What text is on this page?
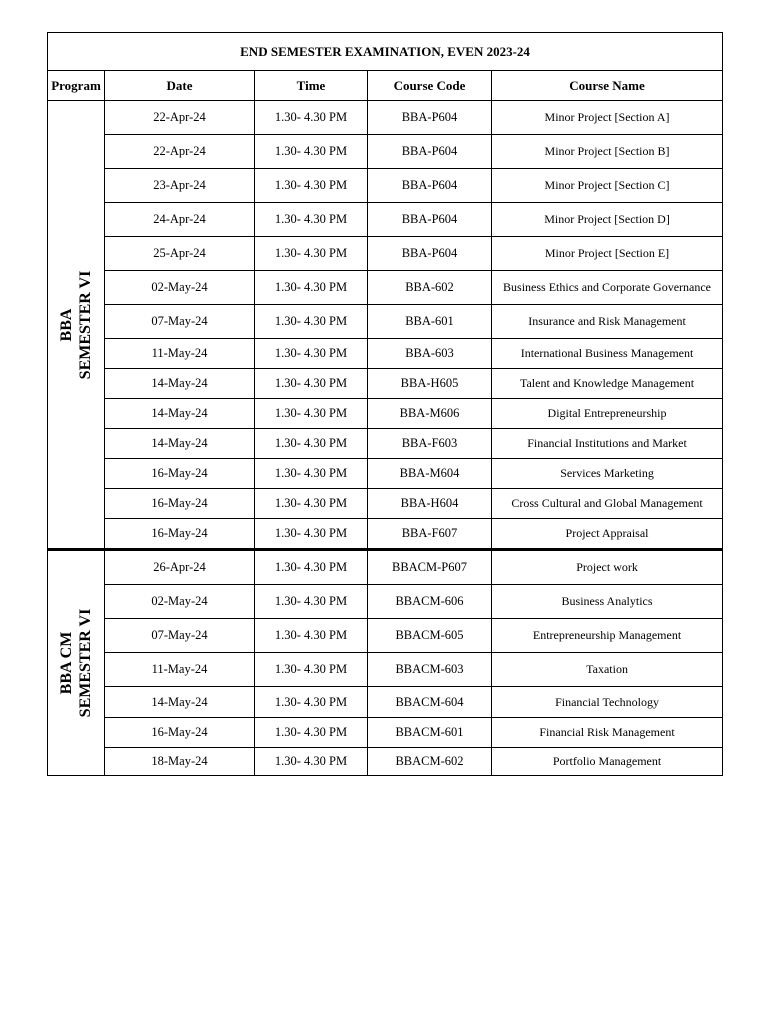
END SEMESTER EXAMINATION, EVEN 2023-24				
Program	Date	Time	Course Code	Course Name

BBA SEMESTER VI	22-Apr-24	1.30- 4.30 PM	BBA-P604	Minor Project [Section A]
	22-Apr-24	1.30- 4.30 PM	BBA-P604	Minor Project [Section B]
	23-Apr-24	1.30- 4.30 PM	BBA-P604	Minor Project [Section C]
	24-Apr-24	1.30- 4.30 PM	BBA-P604	Minor Project [Section D]
	25-Apr-24	1.30- 4.30 PM	BBA-P604	Minor Project [Section E]
	02-May-24	1.30- 4.30 PM	BBA-602	Business Ethics and Corporate Governance
	07-May-24	1.30- 4.30 PM	BBA-601	Insurance and Risk Management
	11-May-24	1.30- 4.30 PM	BBA-603	International Business Management
	14-May-24	1.30- 4.30 PM	BBA-H605	Talent and Knowledge Management
	14-May-24	1.30- 4.30 PM	BBA-M606	Digital Entrepreneurship
	14-May-24	1.30- 4.30 PM	BBA-F603	Financial Institutions and Market
	16-May-24	1.30- 4.30 PM	BBA-M604	Services Marketing
	16-May-24	1.30- 4.30 PM	BBA-H604	Cross Cultural and Global Management
	16-May-24	1.30- 4.30 PM	BBA-F607	Project Appraisal

BBA CM SEMESTER VI	26-Apr-24	1.30- 4.30 PM	BBACM-P607	Project work
	02-May-24	1.30- 4.30 PM	BBACM-606	Business Analytics
	07-May-24	1.30- 4.30 PM	BBACM-605	Entrepreneurship Management
	11-May-24	1.30- 4.30 PM	BBACM-603	Taxation
	14-May-24	1.30- 4.30 PM	BBACM-604	Financial Technology
	16-May-24	1.30- 4.30 PM	BBACM-601	Financial Risk Management
	18-May-24	1.30- 4.30 PM	BBACM-602	Portfolio Management
